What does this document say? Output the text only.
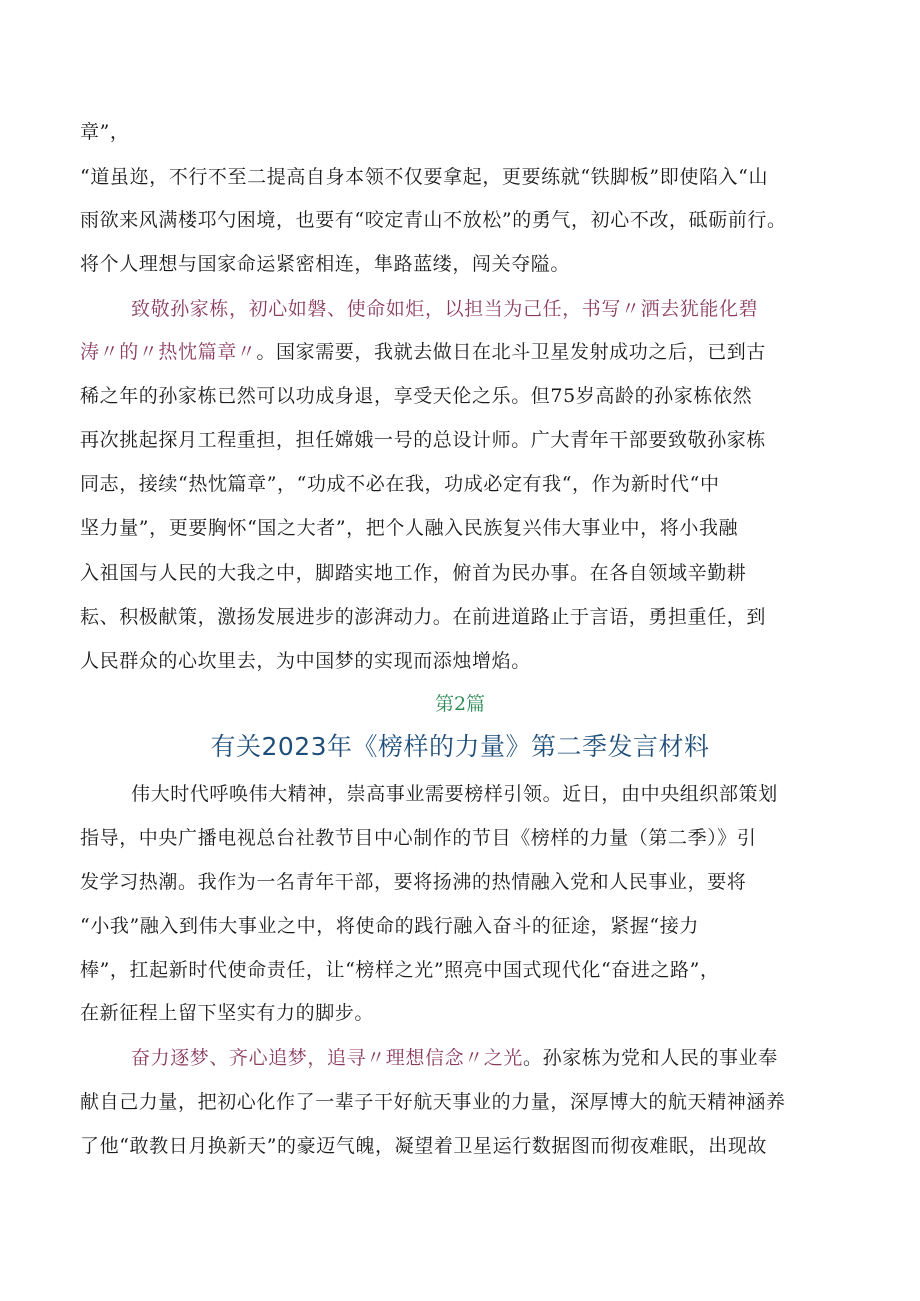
章”，
“道虽迩，不行不至二提高自身本领不仅要拿起，更要练就“铁脚板”即使陷入“山
雨欲来风满楼邛勺困境，也要有“咬定青山不放松”的勇气，初心不改，砥砺前行。
将个人理想与国家命运紧密相连，隼路蓝缕，闯关夺隘。
致敬孙家栋，初心如磐、使命如炬，以担当为己任，书写〃洒去犹能化碧
涛〃的〃热忱篇章〃。国家需要，我就去做日在北斗卫星发射成功之后，已到古
稀之年的孙家栋已然可以功成身退，享受天伦之乐。但75岁高龄的孙家栋依然
再次挑起探月工程重担，担任嫦娥一号的总设计师。广大青年干部要致敬孙家栋
同志，接续“热忱篇章”，“功成不必在我，功成必定有我“，作为新时代“中
坚力量”，更要胸怀“国之大者”，把个人融入民族复兴伟大事业中，将小我融
入祖国与人民的大我之中，脚踏实地工作，俯首为民办事。在各自领域辛勤耕
耘、积极献策，激扬发展进步的澎湃动力。在前进道路止于言语，勇担重任，到
人民群众的心坎里去，为中国梦的实现而添烛增焰。
第2篇
有关2023年《榜样的力量》第二季发言材料
伟大时代呼唤伟大精神，崇高事业需要榜样引领。近日，由中央组织部策划
指导，中央广播电视总台社教节目中心制作的节目《榜样的力量（第二季）》引
发学习热潮。我作为一名青年干部，要将扬沸的热情融入党和人民事业，要将
“小我”融入到伟大事业之中，将使命的践行融入奋斗的征途，紧握“接力
棒”，扛起新时代使命责任，让“榜样之光”照亮中国式现代化“奋进之路”，
在新征程上留下坚实有力的脚步。
奋力逐梦、齐心追梦，追寻〃理想信念〃之光。孙家栋为党和人民的事业奉
献自己力量，把初心化作了一辈子干好航天事业的力量，深厚博大的航天精神涵养
了他“敢教日月换新天”的豪迈气魄，凝望着卫星运行数据图而彻夜难眠，出现故
